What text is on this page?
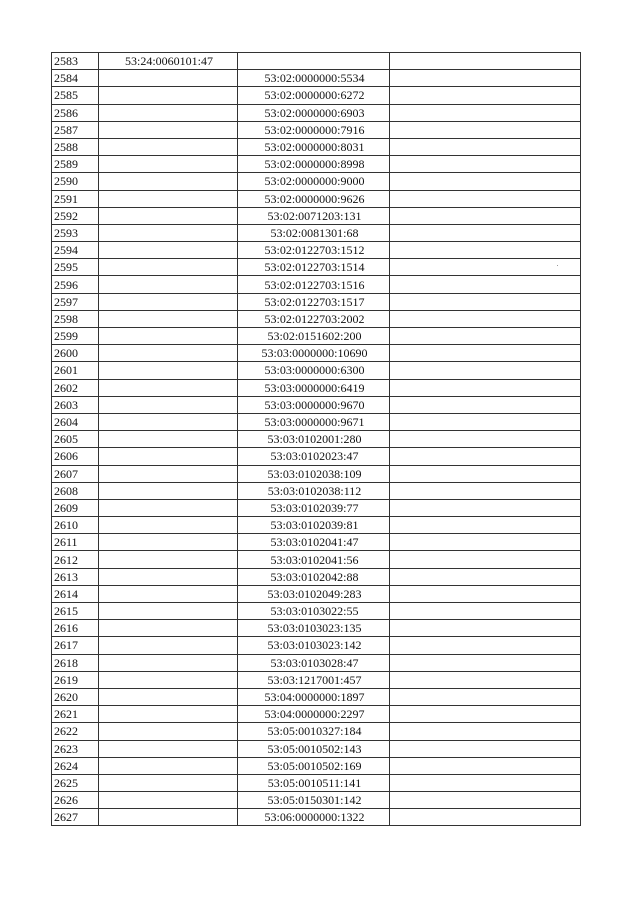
2583	53:24:0060101:47		
2584		53:02:0000000:5534	
2585		53:02:0000000:6272	
2586		53:02:0000000:6903	
2587		53:02:0000000:7916	
2588		53:02:0000000:8031	
2589		53:02:0000000:8998	
2590		53:02:0000000:9000	
2591		53:02:0000000:9626	
2592		53:02:0071203:131	
2593		53:02:0081301:68	
2594		53:02:0122703:1512	
2595		53:02:0122703:1514	
2596		53:02:0122703:1516	
2597		53:02:0122703:1517	
2598		53:02:0122703:2002	
2599		53:02:0151602:200	
2600		53:03:0000000:10690	
2601		53:03:0000000:6300	
2602		53:03:0000000:6419	
2603		53:03:0000000:9670	
2604		53:03:0000000:9671	
2605		53:03:0102001:280	
2606		53:03:0102023:47	
2607		53:03:0102038:109	
2608		53:03:0102038:112	
2609		53:03:0102039:77	
2610		53:03:0102039:81	
2611		53:03:0102041:47	
2612		53:03:0102041:56	
2613		53:03:0102042:88	
2614		53:03:0102049:283	
2615		53:03:0103022:55	
2616		53:03:0103023:135	
2617		53:03:0103023:142	
2618		53:03:0103028:47	
2619		53:03:1217001:457	
2620		53:04:0000000:1897	
2621		53:04:0000000:2297	
2622		53:05:0010327:184	
2623		53:05:0010502:143	
2624		53:05:0010502:169	
2625		53:05:0010511:141	
2626		53:05:0150301:142	
2627		53:06:0000000:1322	
